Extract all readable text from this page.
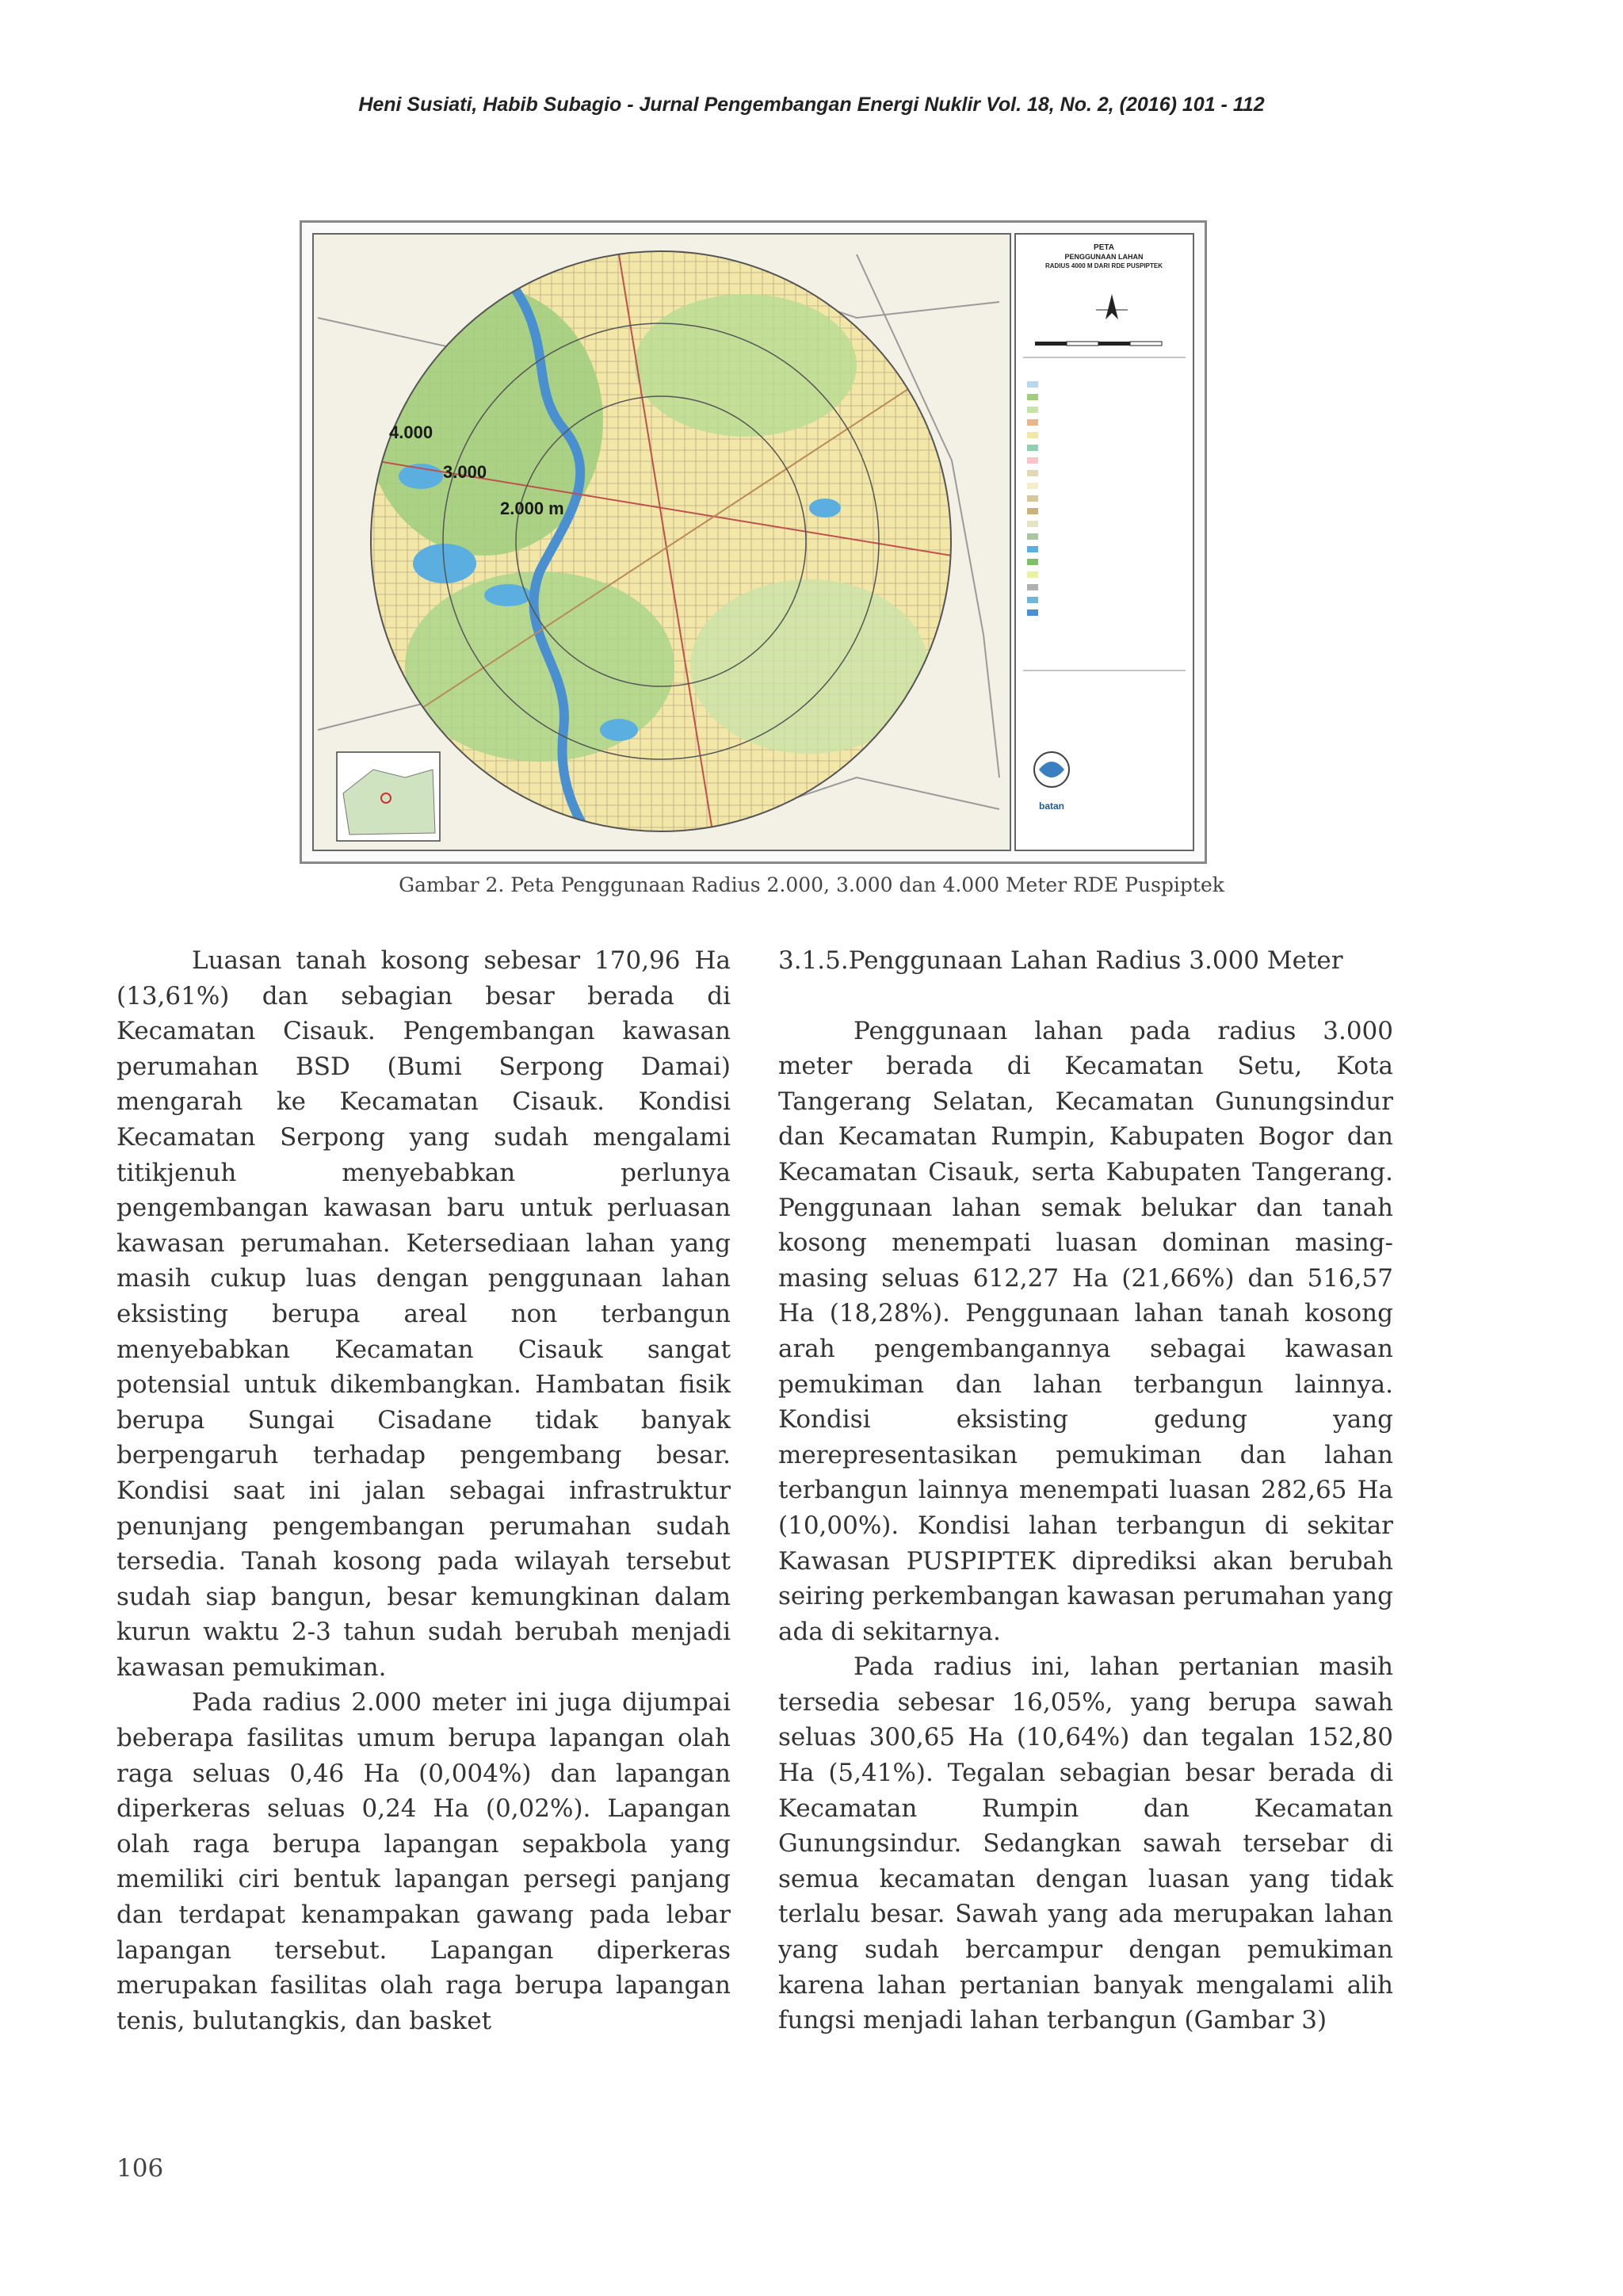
Heni Susiati, Habib Subagio - Jurnal Pengembangan Energi Nuklir Vol. 18, No. 2, (2016) 101 - 112
4.000
3.000
2.000 m
PETA
PENGGUNAAN LAHAN
RADIUS 4000 M DARI RDE PUSPIPTEK
batan
Gambar 2. Peta Penggunaan Radius 2.000, 3.000 dan 4.000 Meter RDE Puspiptek

Luasan tanah kosong sebesar 170,96 Ha (13,61%) dan sebagian besar berada di Kecamatan Cisauk. Pengembangan kawasan perumahan BSD (Bumi Serpong Damai) mengarah ke Kecamatan Cisauk. Kondisi Kecamatan Serpong yang sudah mengalami titikjenuh menyebabkan perlunya pengembangan kawasan baru untuk perluasan kawasan perumahan. Ketersediaan lahan yang masih cukup luas dengan penggunaan lahan eksisting berupa areal non terbangun menyebabkan Kecamatan Cisauk sangat potensial untuk dikembangkan. Hambatan fisik berupa Sungai Cisadane tidak banyak berpengaruh terhadap pengembang besar. Kondisi saat ini jalan sebagai infrastruktur penunjang pengembangan perumahan sudah tersedia. Tanah kosong pada wilayah tersebut sudah siap bangun, besar kemungkinan dalam kurun waktu 2-3 tahun sudah berubah menjadi kawasan pemukiman.

Pada radius 2.000 meter ini juga dijumpai beberapa fasilitas umum berupa lapangan olah raga seluas 0,46 Ha (0,004%) dan lapangan diperkeras seluas 0,24 Ha (0,02%). Lapangan olah raga berupa lapangan sepakbola yang memiliki ciri bentuk lapangan persegi panjang dan terdapat kenampakan gawang pada lebar lapangan tersebut. Lapangan diperkeras merupakan fasilitas olah raga berupa lapangan tenis, bulutangkis, dan basket

3.1.5.Penggunaan Lahan Radius 3.000 Meter

Penggunaan lahan pada radius 3.000 meter berada di Kecamatan Setu, Kota Tangerang Selatan, Kecamatan Gunungsindur dan Kecamatan Rumpin, Kabupaten Bogor dan Kecamatan Cisauk, serta Kabupaten Tangerang. Penggunaan lahan semak belukar dan tanah kosong menempati luasan dominan masing-masing seluas 612,27 Ha (21,66%) dan 516,57 Ha (18,28%). Penggunaan lahan tanah kosong arah pengembangannya sebagai kawasan pemukiman dan lahan terbangun lainnya. Kondisi eksisting gedung yang merepresentasikan pemukiman dan lahan terbangun lainnya menempati luasan 282,65 Ha (10,00%). Kondisi lahan terbangun di sekitar Kawasan PUSPIPTEK diprediksi akan berubah seiring perkembangan kawasan perumahan yang ada di sekitarnya.

Pada radius ini, lahan pertanian masih tersedia sebesar 16,05%, yang berupa sawah seluas 300,65 Ha (10,64%) dan tegalan 152,80 Ha (5,41%). Tegalan sebagian besar berada di Kecamatan Rumpin dan Kecamatan Gunungsindur. Sedangkan sawah tersebar di semua kecamatan dengan luasan yang tidak terlalu besar. Sawah yang ada merupakan lahan yang sudah bercampur dengan pemukiman karena lahan pertanian banyak mengalami alih fungsi menjadi lahan terbangun (Gambar 3)

106
